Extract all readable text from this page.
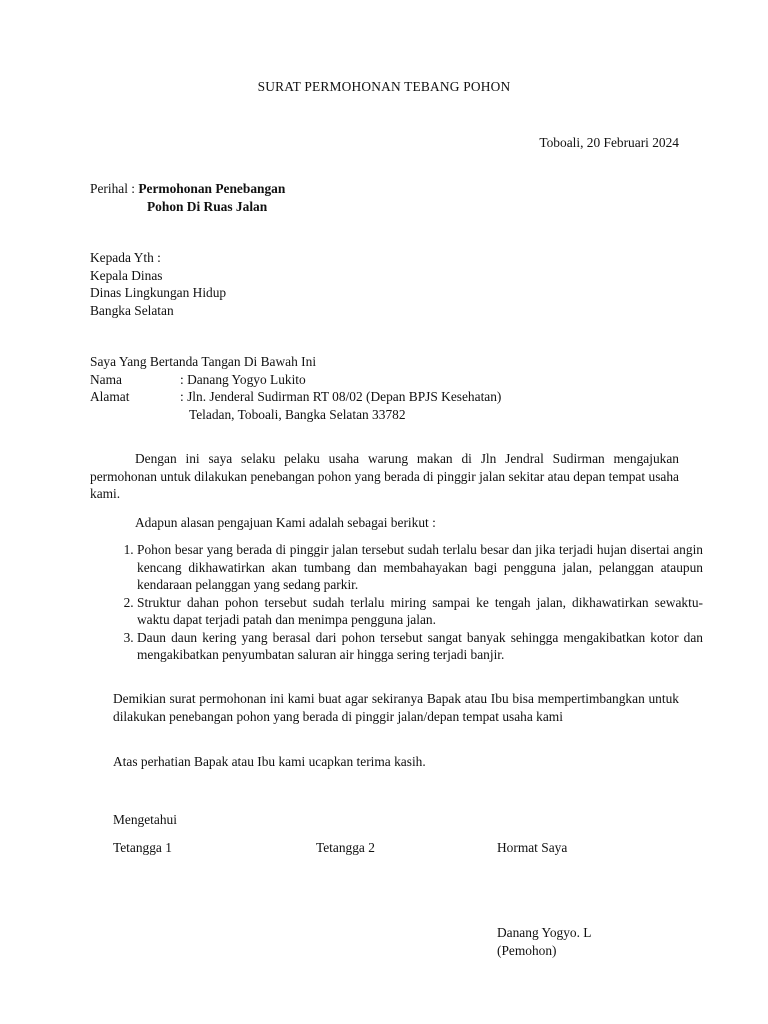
SURAT PERMOHONAN TEBANG POHON
Toboali, 20 Februari 2024
Perihal : Permohonan Penebangan
Pohon Di Ruas Jalan
Kepada Yth :
Kepala Dinas
Dinas Lingkungan Hidup
Bangka Selatan
Saya Yang Bertanda Tangan Di Bawah Ini
Nama	: Danang Yogyo Lukito
Alamat	: Jln. Jenderal Sudirman RT 08/02 (Depan BPJS Kesehatan)
Teladan, Toboali, Bangka Selatan 33782
Dengan ini saya selaku pelaku usaha warung makan di Jln Jendral Sudirman mengajukan permohonan untuk dilakukan penebangan pohon yang berada di pinggir jalan sekitar atau depan tempat usaha kami.
Adapun alasan pengajuan Kami adalah sebagai berikut :
1. Pohon besar yang berada di pinggir jalan tersebut sudah terlalu besar dan jika terjadi hujan disertai angin kencang dikhawatirkan akan tumbang dan membahayakan bagi pengguna jalan, pelanggan ataupun kendaraan pelanggan yang sedang parkir.
2. Struktur dahan pohon tersebut sudah terlalu miring sampai ke tengah jalan, dikhawatirkan sewaktu-waktu dapat terjadi patah dan menimpa pengguna jalan.
3. Daun daun kering yang berasal dari pohon tersebut sangat banyak sehingga mengakibatkan kotor dan mengakibatkan penyumbatan saluran air hingga sering terjadi banjir.
Demikian surat permohonan ini kami buat agar sekiranya Bapak atau Ibu bisa mempertimbangkan untuk dilakukan penebangan pohon yang berada di pinggir jalan/depan tempat usaha kami
Atas perhatian Bapak atau Ibu kami ucapkan terima kasih.
Mengetahui
Tetangga 1	Tetangga 2	Hormat Saya
Danang Yogyo. L
(Pemohon)
